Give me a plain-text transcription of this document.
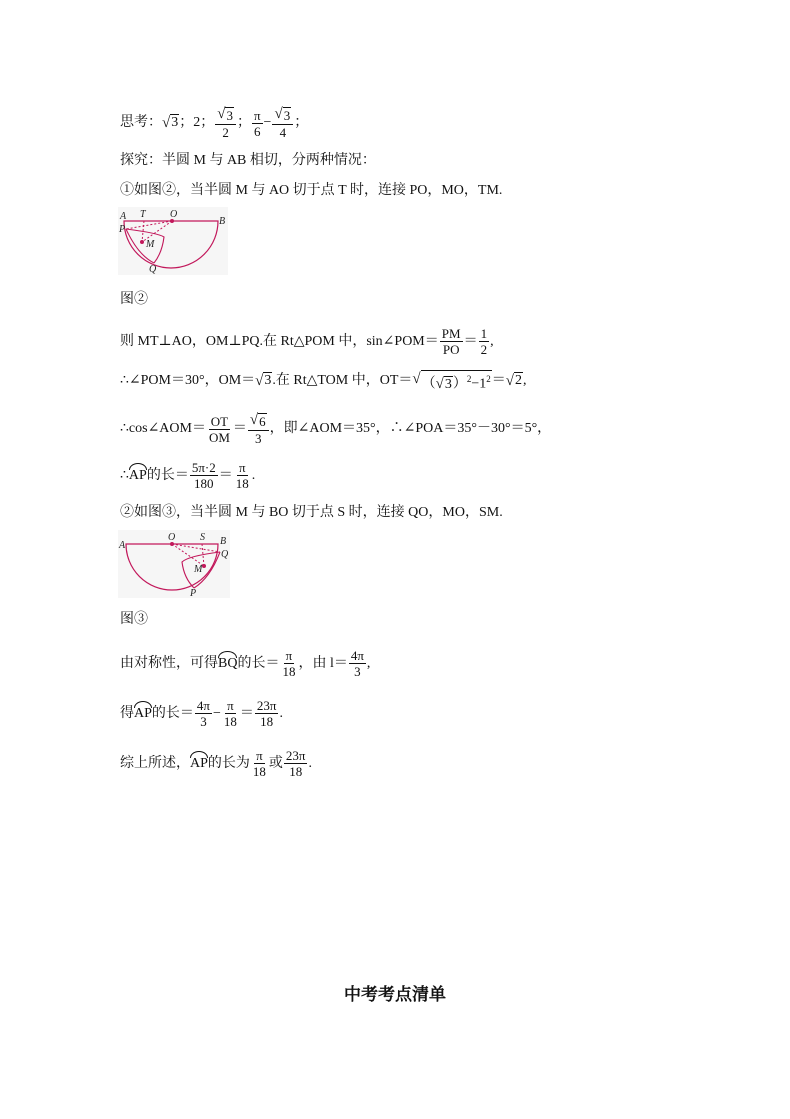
思考： √ 3 ； 2 ； $\frac{√ 3}{2}$ ； $\frac{\pi}{6} - \frac{√ 3}{4}$ ；
探究：半圆 M 与 AB 相切，分两种情况：
①如图②，当半圆 M 与 AO 切于点 T 时，连接 PO，MO，TM.
A T O
B
P
M
Q
图②
则 MT⊥AO，OM⊥PQ.在 Rt△POM 中，sin∠POM＝ $\frac{PM}{PO} = \frac{1}{2}$ ,
∴∠POM＝30°，OM＝ √ 3 .在 Rt△TOM 中，OT＝ √ （ √ 3 ）$^2-1^2$ ＝ √ 2 ,
∴cos∠AOM＝ $\frac{OT}{OM} = \frac{√ 6}{3}$ ，即∠AOM＝35°，∴∠POA＝35°－30°＝5°，
∴ AP 的长＝ $\frac{5\pi\cdot 2}{180} = \frac{\pi}{18}$ .
②如图③，当半圆 M 与 BO 切于点 S 时，连接 QO，MO，SM.
A
O S B
Q
M
P
图③
由对称性，可得 BQ 的长＝ $\frac{\pi}{18}$ ，由 $l= \frac{4\pi}{3}$ ,
得 AP 的长＝ $\frac{4\pi}{3} - \frac{\pi}{18} = \frac{23\pi}{18}$ .
综上所述， AP 的长为 $\frac{\pi}{18}$ 或 $\frac{23\pi}{18}$ .
中考考点清单
